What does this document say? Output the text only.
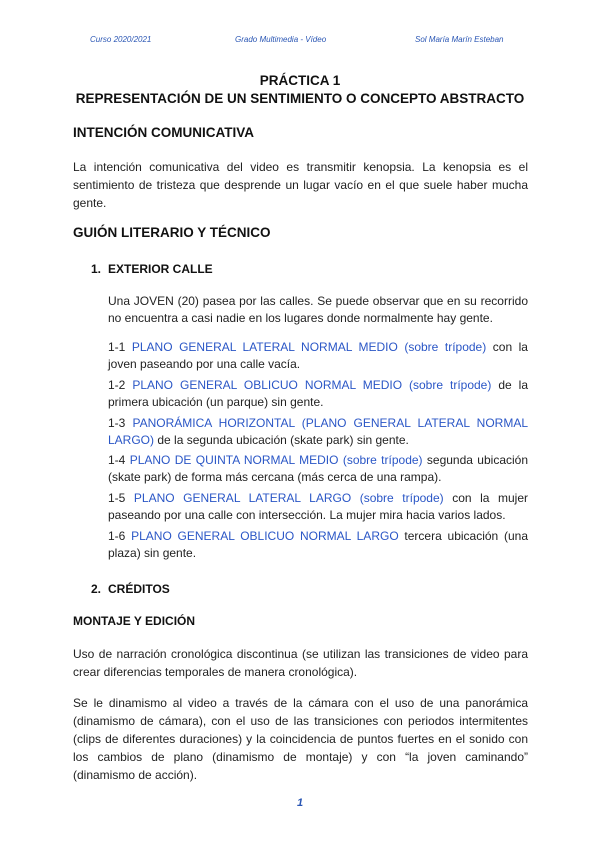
Curso 2020/2021	Grado Multimedia - Vídeo	Sol María Marín Esteban
PRÁCTICA 1
REPRESENTACIÓN DE UN SENTIMIENTO O CONCEPTO ABSTRACTO
INTENCIÓN COMUNICATIVA
La intención comunicativa del video es transmitir kenopsia. La kenopsia es el sentimiento de tristeza que desprende un lugar vacío en el que suele haber mucha gente.
GUIÓN LITERARIO Y TÉCNICO
1. EXTERIOR CALLE
Una JOVEN (20) pasea por las calles. Se puede observar que en su recorrido no encuentra a casi nadie en los lugares donde normalmente hay gente.
1-1 PLANO GENERAL LATERAL NORMAL MEDIO (sobre trípode) con la joven paseando por una calle vacía.
1-2 PLANO GENERAL OBLICUO NORMAL MEDIO (sobre trípode) de la primera ubicación (un parque) sin gente.
1-3 PANORÁMICA HORIZONTAL (PLANO GENERAL LATERAL NORMAL LARGO) de la segunda ubicación (skate park) sin gente.
1-4 PLANO DE QUINTA NORMAL MEDIO (sobre trípode) segunda ubicación (skate park) de forma más cercana (más cerca de una rampa).
1-5 PLANO GENERAL LATERAL LARGO (sobre trípode) con la mujer paseando por una calle con intersección. La mujer mira hacia varios lados.
1-6 PLANO GENERAL OBLICUO NORMAL LARGO tercera ubicación (una plaza) sin gente.
2. CRÉDITOS
MONTAJE Y EDICIÓN
Uso de narración cronológica discontinua (se utilizan las transiciones de video para crear diferencias temporales de manera cronológica).
Se le dinamismo al video a través de la cámara con el uso de una panorámica (dinamismo de cámara), con el uso de las transiciones con periodos intermitentes (clips de diferentes duraciones) y la coincidencia de puntos fuertes en el sonido con los cambios de plano (dinamismo de montaje) y con “la joven caminando” (dinamismo de acción).
1
